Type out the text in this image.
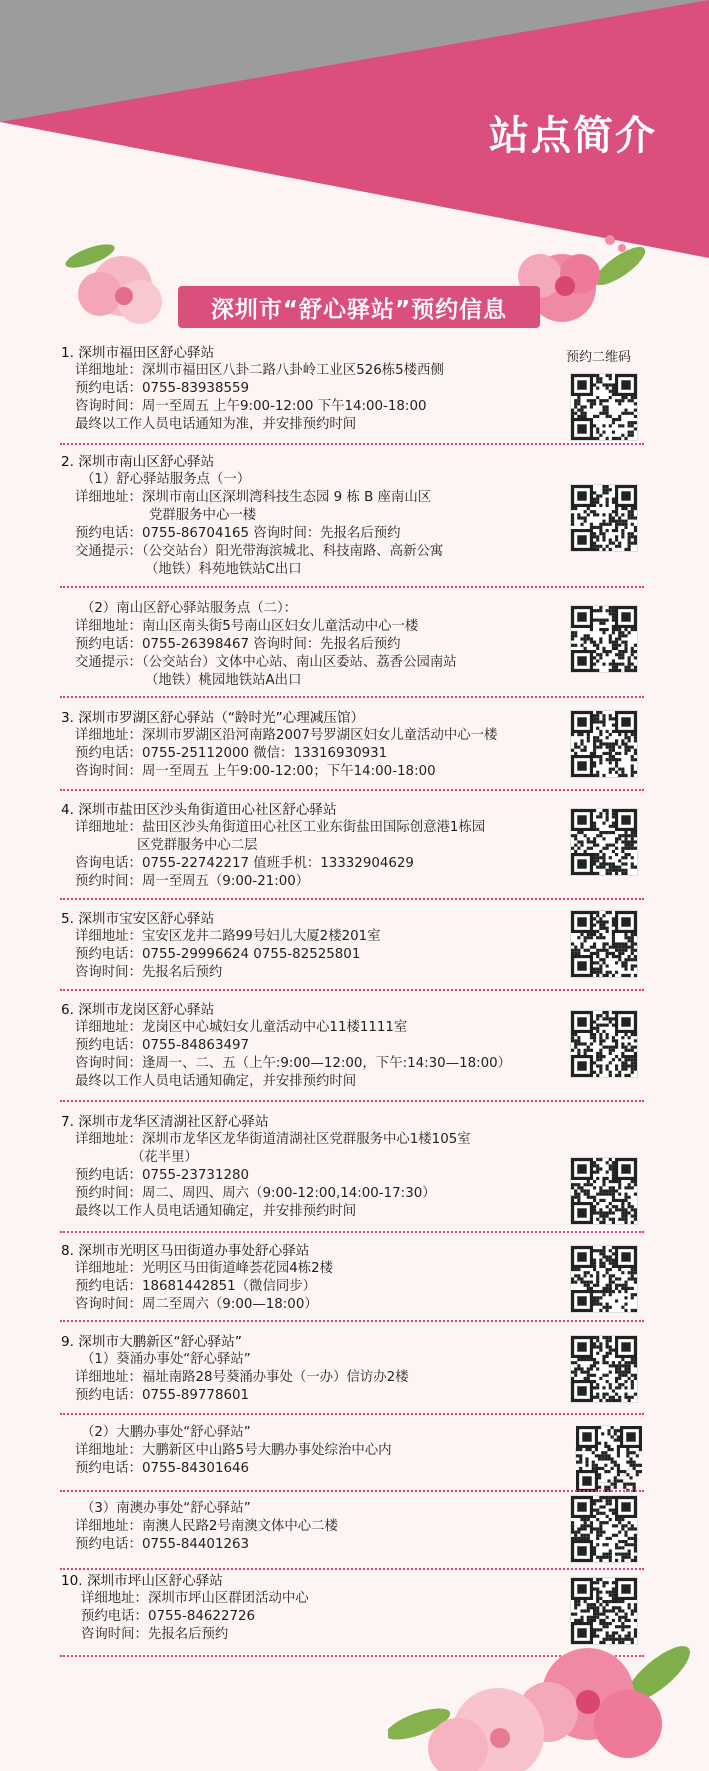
站点简介
深圳市“舒心驿站”预约信息
预约二维码
1. 深圳市福田区舒心驿站
详细地址：深圳市福田区八卦二路八卦岭工业区526栋5楼西侧
预约电话：0755-83938559
咨询时间：周一至周五 上午9:00-12:00 下午14:00-18:00
最终以工作人员电话通知为准，并安排预约时间
2. 深圳市南山区舒心驿站
（1）舒心驿站服务点（一）
详细地址：深圳市南山区深圳湾科技生态园 9 栋 B 座南山区
党群服务中心一楼
预约电话：0755-86704165 咨询时间：先报名后预约
交通提示：（公交站台）阳光带海滨城北、科技南路、高新公寓
（地铁）科苑地铁站C出口
（2）南山区舒心驿站服务点（二）：
详细地址：南山区南头街5号南山区妇女儿童活动中心一楼
预约电话：0755-26398467 咨询时间：先报名后预约
交通提示：（公交站台）文体中心站、南山区委站、荔香公园南站
（地铁）桃园地铁站A出口
3. 深圳市罗湖区舒心驿站（“龄时光”心理减压馆）
详细地址：深圳市罗湖区沿河南路2007号罗湖区妇女儿童活动中心一楼
预约电话：0755-25112000 微信：13316930931
咨询时间：周一至周五 上午9:00-12:00；下午14:00-18:00
4. 深圳市盐田区沙头角街道田心社区舒心驿站
详细地址：盐田区沙头角街道田心社区工业东街盐田国际创意港1栋园
区党群服务中心二层
咨询电话：0755-22742217 值班手机：13332904629
预约时间：周一至周五（9:00-21:00）
5. 深圳市宝安区舒心驿站
详细地址：宝安区龙井二路99号妇儿大厦2楼201室
预约电话：0755-29996624 0755-82525801
咨询时间：先报名后预约
6. 深圳市龙岗区舒心驿站
详细地址：龙岗区中心城妇女儿童活动中心11楼1111室
预约电话：0755-84863497
咨询时间：逢周一、二、五（上午:9:00—12:00，下午:14:30—18:00）
最终以工作人员电话通知确定，并安排预约时间
7. 深圳市龙华区清湖社区舒心驿站
详细地址：深圳市龙华区龙华街道清湖社区党群服务中心1楼105室
（花半里）
预约电话：0755-23731280
预约时间：周二、周四、周六（9:00-12:00,14:00-17:30）
最终以工作人员电话通知确定，并安排预约时间
8. 深圳市光明区马田街道办事处舒心驿站
详细地址：光明区马田街道峰荟花园4栋2楼
预约电话：18681442851（微信同步）
咨询时间：周二至周六（9:00—18:00）
9. 深圳市大鹏新区“舒心驿站”
（1）葵涌办事处“舒心驿站”
详细地址：福址南路28号葵涌办事处（一办）信访办2楼
预约电话：0755-89778601
（2）大鹏办事处“舒心驿站”
详细地址：大鹏新区中山路5号大鹏办事处综治中心内
预约电话：0755-84301646
（3）南澳办事处“舒心驿站”
详细地址：南澳人民路2号南澳文体中心二楼
预约电话：0755-84401263
10. 深圳市坪山区舒心驿站
详细地址：深圳市坪山区群团活动中心
预约电话：0755-84622726
咨询时间：先报名后预约
